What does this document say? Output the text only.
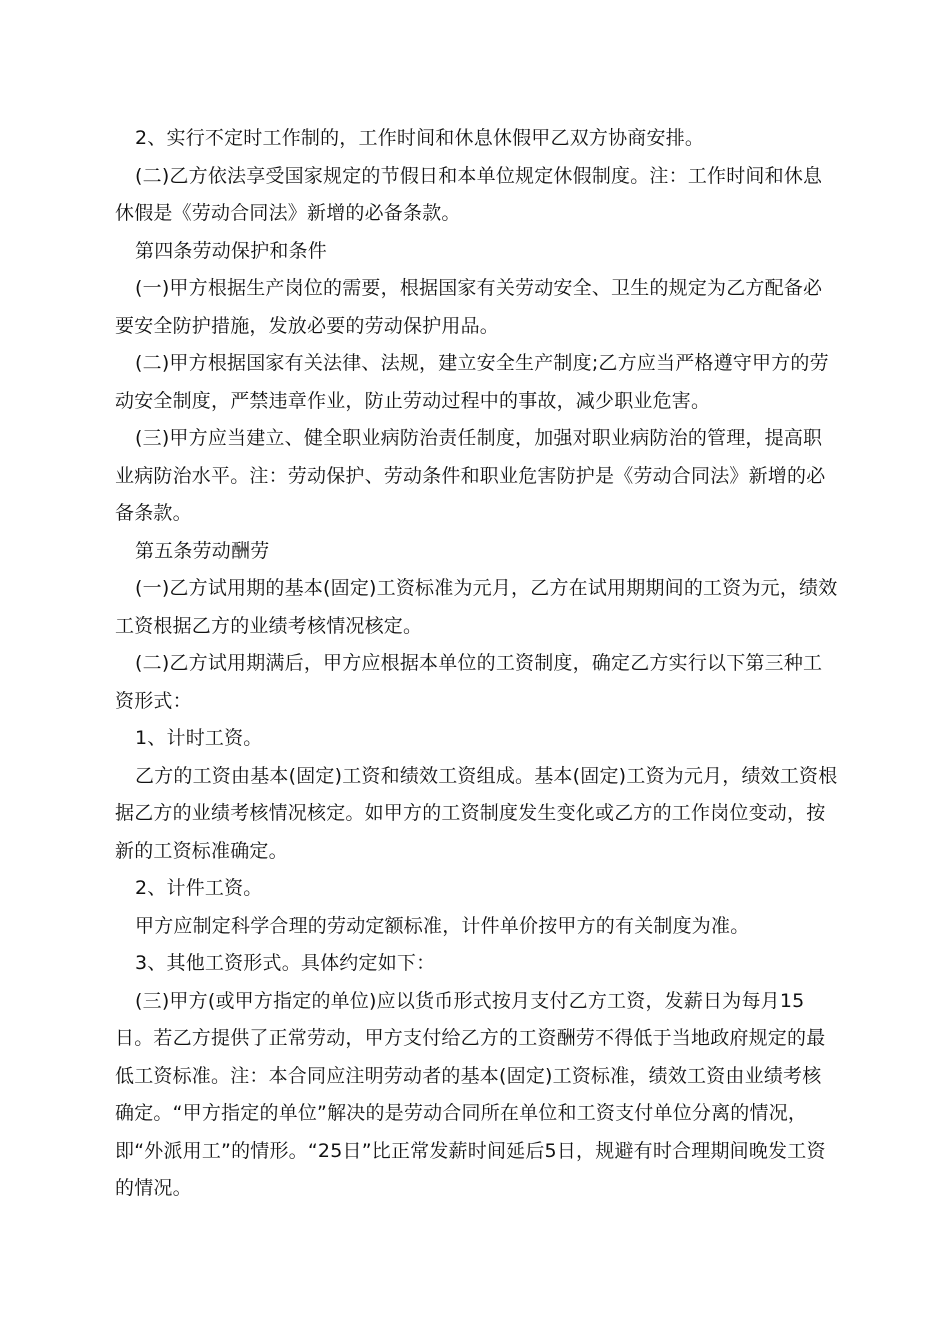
2、实行不定时工作制的，工作时间和休息休假甲乙双方协商安排。

(二)乙方依法享受国家规定的节假日和本单位规定休假制度。注：工作时间和休息休假是《劳动合同法》新增的必备条款。

第四条劳动保护和条件

(一)甲方根据生产岗位的需要，根据国家有关劳动安全、卫生的规定为乙方配备必要安全防护措施，发放必要的劳动保护用品。

(二)甲方根据国家有关法律、法规，建立安全生产制度;乙方应当严格遵守甲方的劳动安全制度，严禁违章作业，防止劳动过程中的事故，减少职业危害。

(三)甲方应当建立、健全职业病防治责任制度，加强对职业病防治的管理，提高职业病防治水平。注：劳动保护、劳动条件和职业危害防护是《劳动合同法》新增的必备条款。

第五条劳动酬劳

(一)乙方试用期的基本(固定)工资标准为元月，乙方在试用期期间的工资为元，绩效工资根据乙方的业绩考核情况核定。

(二)乙方试用期满后，甲方应根据本单位的工资制度，确定乙方实行以下第三种工资形式：

1、计时工资。

乙方的工资由基本(固定)工资和绩效工资组成。基本(固定)工资为元月，绩效工资根据乙方的业绩考核情况核定。如甲方的工资制度发生变化或乙方的工作岗位变动，按新的工资标准确定。

2、计件工资。

甲方应制定科学合理的劳动定额标准，计件单价按甲方的有关制度为准。

3、其他工资形式。具体约定如下：

(三)甲方(或甲方指定的单位)应以货币形式按月支付乙方工资，发薪日为每月15日。若乙方提供了正常劳动，甲方支付给乙方的工资酬劳不得低于当地政府规定的最低工资标准。注：本合同应注明劳动者的基本(固定)工资标准，绩效工资由业绩考核确定。“甲方指定的单位”解决的是劳动合同所在单位和工资支付单位分离的情况，即“外派用工”的情形。“25日”比正常发薪时间延后5日，规避有时合理期间晚发工资的情况。
